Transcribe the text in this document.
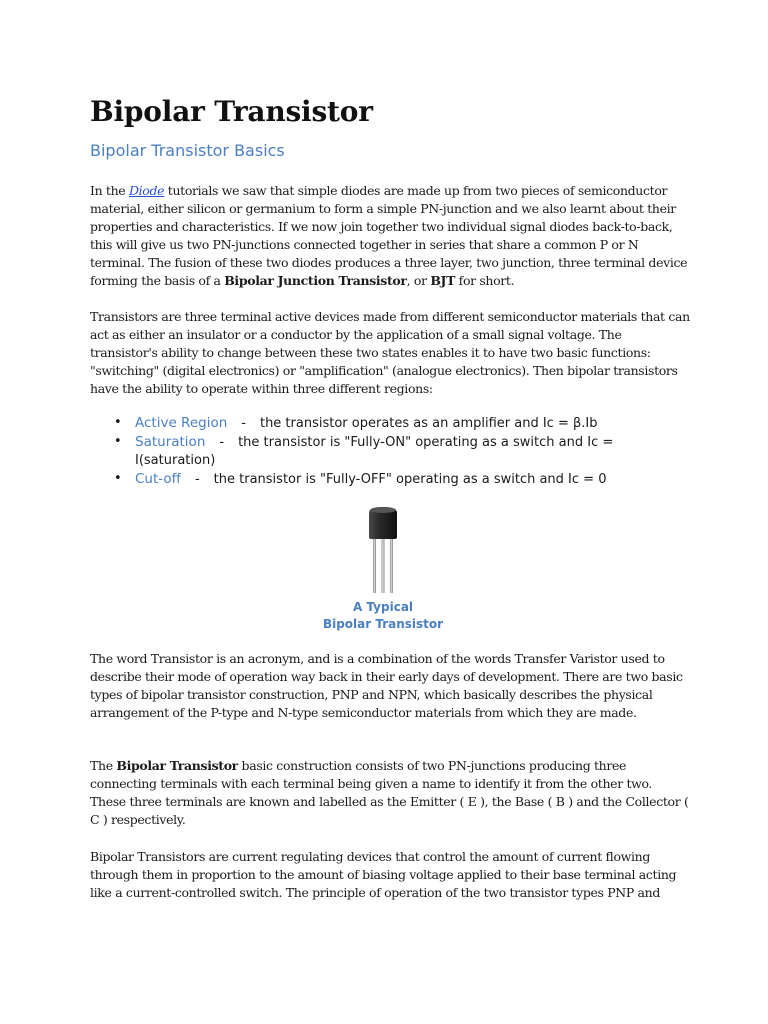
Bipolar Transistor
Bipolar Transistor Basics

In the Diode tutorials we saw that simple diodes are made up from two pieces of semiconductor material, either silicon or germanium to form a simple PN-junction and we also learnt about their properties and characteristics. If we now join together two individual signal diodes back-to-back, this will give us two PN-junctions connected together in series that share a common P or N terminal. The fusion of these two diodes produces a three layer, two junction, three terminal device forming the basis of a Bipolar Junction Transistor, or BJT for short.

Transistors are three terminal active devices made from different semiconductor materials that can act as either an insulator or a conductor by the application of a small signal voltage. The transistor's ability to change between these two states enables it to have two basic functions: "switching" (digital electronics) or "amplification" (analogue electronics). Then bipolar transistors have the ability to operate within three different regions:

• Active Region - the transistor operates as an amplifier and Ic = β.Ib
• Saturation - the transistor is "Fully-ON" operating as a switch and Ic = I(saturation)
• Cut-off - the transistor is "Fully-OFF" operating as a switch and Ic = 0
A Typical
Bipolar Transistor

The word Transistor is an acronym, and is a combination of the words Transfer Varistor used to describe their mode of operation way back in their early days of development. There are two basic types of bipolar transistor construction, PNP and NPN, which basically describes the physical arrangement of the P-type and N-type semiconductor materials from which they are made.

The Bipolar Transistor basic construction consists of two PN-junctions producing three connecting terminals with each terminal being given a name to identify it from the other two. These three terminals are known and labelled as the Emitter ( E ), the Base ( B ) and the Collector ( C ) respectively.

Bipolar Transistors are current regulating devices that control the amount of current flowing through them in proportion to the amount of biasing voltage applied to their base terminal acting like a current-controlled switch. The principle of operation of the two transistor types PNP and
